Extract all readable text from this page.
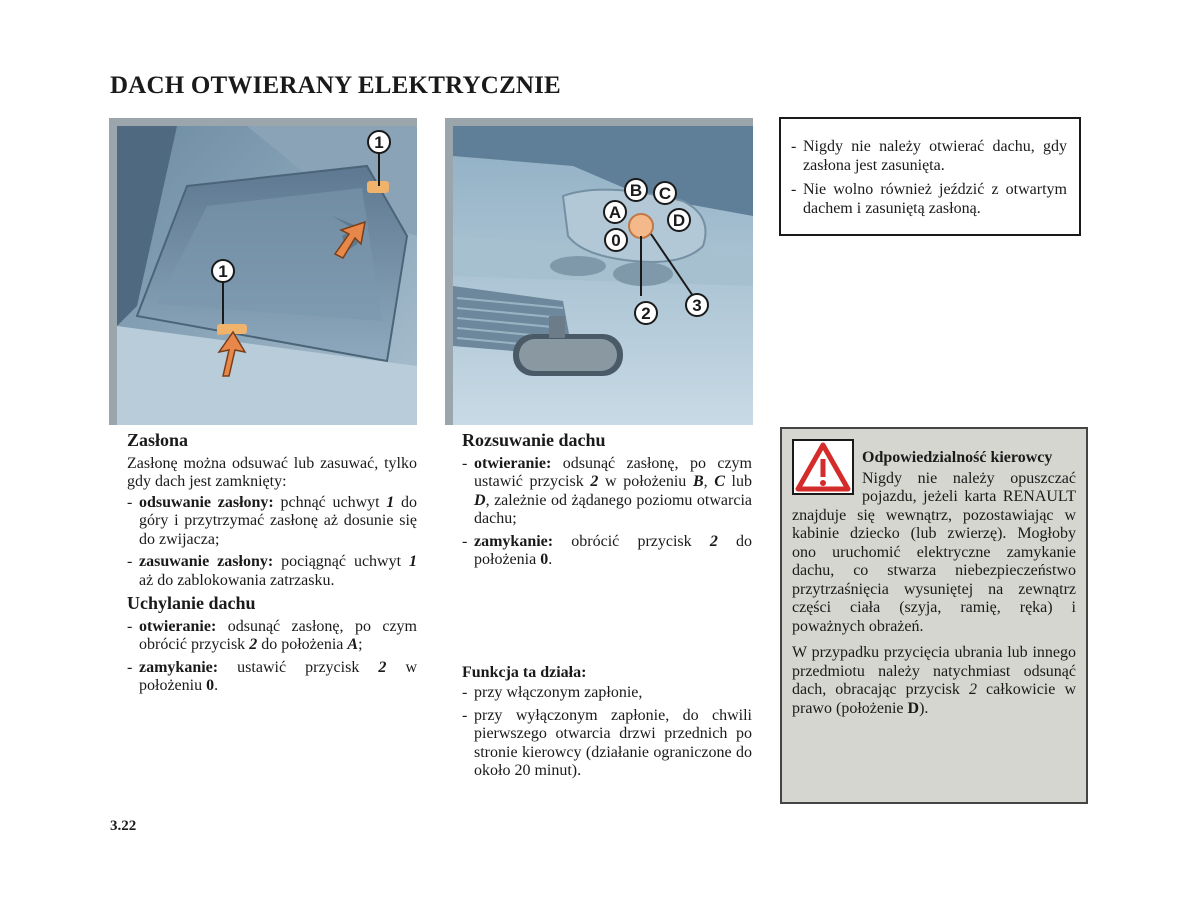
DACH OTWIERANY ELEKTRYCZNIE
1
1
B C
A	D
0
2 3
Zasłona

Zasłonę można odsuwać lub zasuwać, tylko gdy dach jest zamknięty:

- odsuwanie zasłony: pchnąć uchwyt 1 do góry i przytrzymać zasłonę aż dosunie się do zwijacza;
- zasuwanie zasłony: pociągnąć uchwyt 1 aż do zablokowania zatrzasku.
Uchylanie dachu
- otwieranie: odsunąć zasłonę, po czym obrócić przycisk 2 do położenia A;
- zamykanie: ustawić przycisk 2 w położeniu 0.
Rozsuwanie dachu
- otwieranie: odsunąć zasłonę, po czym ustawić przycisk 2 w położeniu B, C lub D, zależnie od żądanego poziomu otwarcia dachu;
- zamykanie: obrócić przycisk 2 do położenia 0.

Funkcja ta działa:

- przy włączonym zapłonie,
- przy wyłączonym zapłonie, do chwili pierwszego otwarcia drzwi przednich po stronie kierowcy (działanie ograniczone do około 20 minut).
- Nigdy nie należy otwierać dachu, gdy zasłona jest zasunięta.
- Nie wolno również jeździć z otwartym dachem i zasuniętą zasłoną.
Odpowiedzialność kierowcy
Nigdy nie należy opuszczać pojazdu, jeżeli karta RENAULT znajduje się wewnątrz, pozostawiając w kabinie dziecko (lub zwierzę). Mogłoby ono uruchomić elektryczne zamykanie dachu, co stwarza niebezpieczeństwo przytrzaśnięcia wysuniętej na zewnątrz części ciała (szyja, ramię, ręka) i poważnych obrażeń.

W przypadku przycięcia ubrania lub innego przedmiotu należy natychmiast odsunąć dach, obracając przycisk 2 całkowicie w prawo (położenie D).

3.22
